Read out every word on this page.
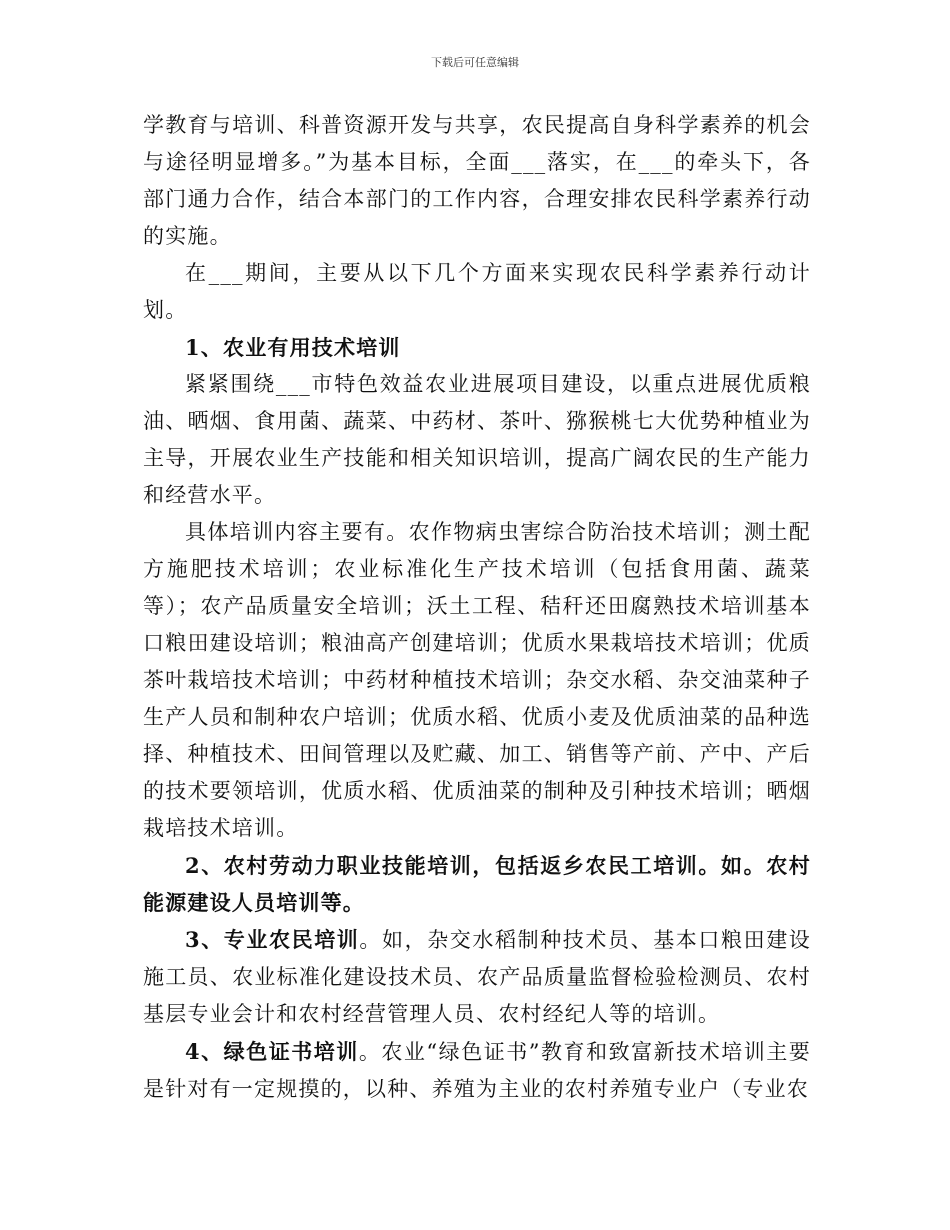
下载后可任意编辑

学教育与培训、科普资源开发与共享，农民提高自身科学素养的机会与途径明显增多。”为基本目标，全面___落实，在___的牵头下，各部门通力合作，结合本部门的工作内容，合理安排农民科学素养行动的实施。

在___期间，主要从以下几个方面来实现农民科学素养行动计划。

1、农业有用技术培训

紧紧围绕___市特色效益农业进展项目建设，以重点进展优质粮油、晒烟、食用菌、蔬菜、中药材、茶叶、猕猴桃七大优势种植业为主导，开展农业生产技能和相关知识培训，提高广阔农民的生产能力和经营水平。

具体培训内容主要有。农作物病虫害综合防治技术培训；测土配方施肥技术培训；农业标准化生产技术培训（包括食用菌、蔬菜等）；农产品质量安全培训；沃土工程、秸秆还田腐熟技术培训基本口粮田建设培训；粮油高产创建培训；优质水果栽培技术培训；优质茶叶栽培技术培训；中药材种植技术培训；杂交水稻、杂交油菜种子生产人员和制种农户培训；优质水稻、优质小麦及优质油菜的品种选择、种植技术、田间管理以及贮藏、加工、销售等产前、产中、产后的技术要领培训，优质水稻、优质油菜的制种及引种技术培训；晒烟栽培技术培训。

2、农村劳动力职业技能培训，包括返乡农民工培训。如。农村能源建设人员培训等。

3、专业农民培训。如，杂交水稻制种技术员、基本口粮田建设施工员、农业标准化建设技术员、农产品质量监督检验检测员、农村基层专业会计和农村经营管理人员、农村经纪人等的培训。

4、绿色证书培训。农业“绿色证书”教育和致富新技术培训主要是针对有一定规摸的，以种、养殖为主业的农村养殖专业户（专业农
